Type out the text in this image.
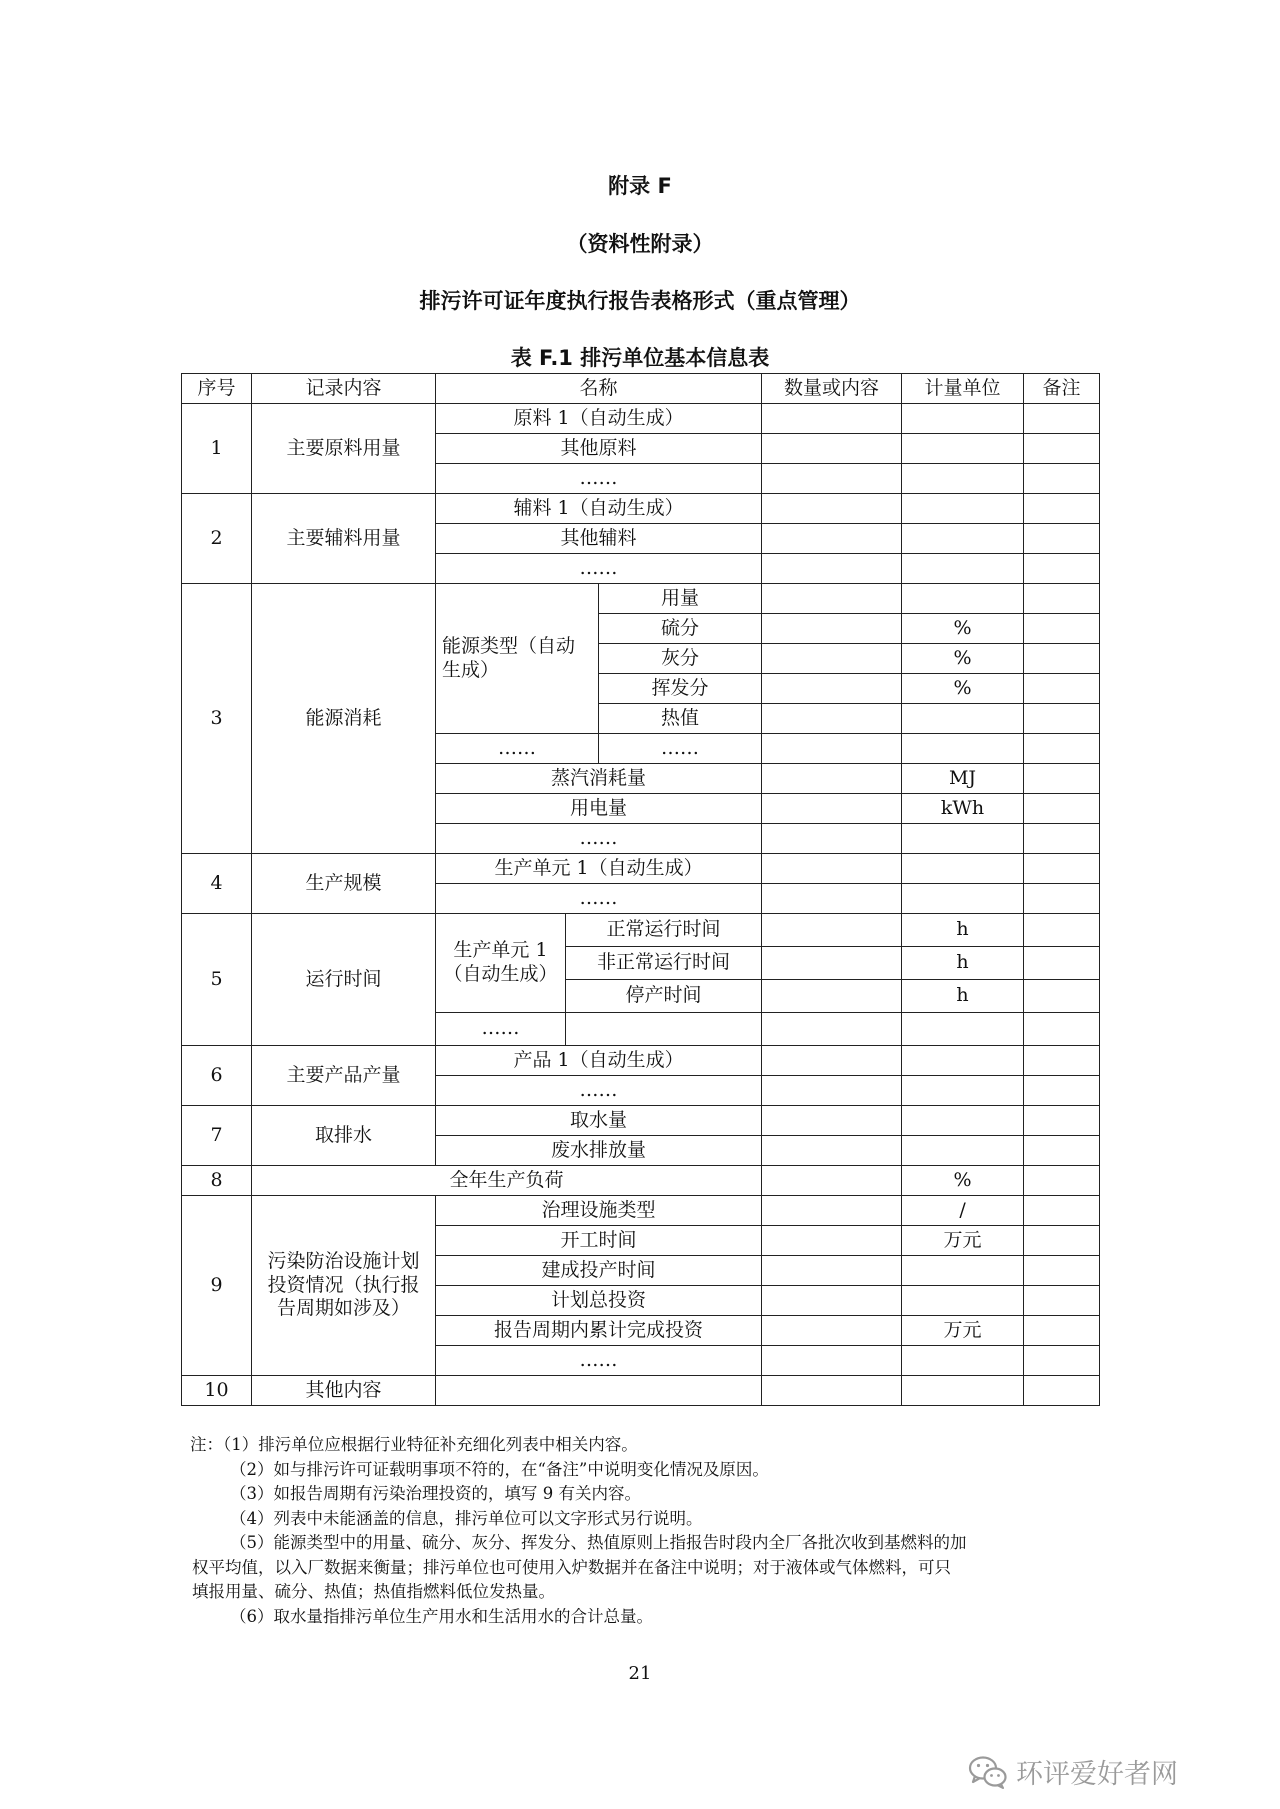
附录 F
（资料性附录）
排污许可证年度执行报告表格形式（重点管理）
表 F.1 排污单位基本信息表
序号	记录内容	名称			数量或内容	计量单位	备注
1	主要原料用量	原料 1（自动生成）					
		其他原料					
		……					
2	主要辅料用量	辅料 1（自动生成）					
		其他辅料					
		……					
3	能源消耗	能源类型（自动生成）		用量			
				硫分		%	
				灰分		%	
				挥发分		%	
				热值			
		……		……			
		蒸汽消耗量				MJ	
		用电量				kWh	
		……					
4	生产规模	生产单元 1（自动生成）					
		……					
5	运行时间	生产单元 1（自动生成）	正常运行时间			h	
			非正常运行时间			h	
			停产时间			h	
		……					
6	主要产品产量	产品 1（自动生成）					
		……					
7	取排水	取水量					
		废水排放量					
8	全年生产负荷					%	
9	污染防治设施计划投资情况（执行报告周期如涉及）	治理设施类型				/	
		开工时间				万元	
		建成投产时间					
		计划总投资					
		报告周期内累计完成投资				万元	
		……					
10	其他内容						
注：（1）排污单位应根据行业特征补充细化列表中相关内容。
（2）如与排污许可证载明事项不符的，在“备注”中说明变化情况及原因。
（3）如报告周期有污染治理投资的，填写 9 有关内容。
（4）列表中未能涵盖的信息，排污单位可以文字形式另行说明。
（5）能源类型中的用量、硫分、灰分、挥发分、热值原则上指报告时段内全厂各批次收到基燃料的加
权平均值，以入厂数据来衡量；排污单位也可使用入炉数据并在备注中说明；对于液体或气体燃料，可只
填报用量、硫分、热值；热值指燃料低位发热量。
（6）取水量指排污单位生产用水和生活用水的合计总量。
21
环评爱好者网
